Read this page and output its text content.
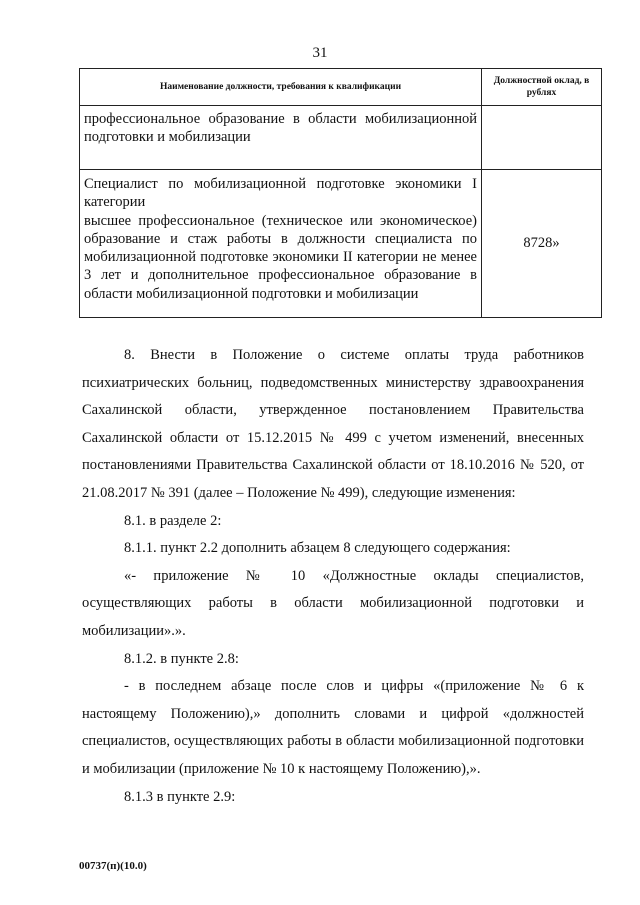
31
Наименование должности, требования к квалификации	Должностной оклад, в рублях

профессиональное образование в области мобилизационной подготовки и мобилизации	

Специалист по мобилизационной подготовке экономики I категории
высшее профессиональное (техническое или экономическое) образование и стаж работы в должности специалиста по мобилизационной подготовке экономики II категории не менее 3 лет и дополнительное профессиональное образование в области мобилизационной подготовки и мобилизации	8728»

8. Внести в Положение о системе оплаты труда работников психиатрических больниц, подведомственных министерству здравоохранения Сахалинской области, утвержденное постановлением Правительства Сахалинской области от 15.12.2015 № 499 с учетом изменений, внесенных постановлениями Правительства Сахалинской области от 18.10.2016 № 520, от 21.08.2017 № 391 (далее – Положение № 499), следующие изменения:

8.1. в разделе 2:

8.1.1. пункт 2.2 дополнить абзацем 8 следующего содержания:

«- приложение № 10 «Должностные оклады специалистов, осуществляющих работы в области мобилизационной подготовки и мобилизации».».

8.1.2. в пункте 2.8:

- в последнем абзаце после слов и цифры «(приложение № 6 к настоящему Положению),» дополнить словами и цифрой «должностей специалистов, осуществляющих работы в области мобилизационной подготовки и мобилизации (приложение № 10 к настоящему Положению),».

8.1.3 в пункте 2.9:

00737(п)(10.0)
